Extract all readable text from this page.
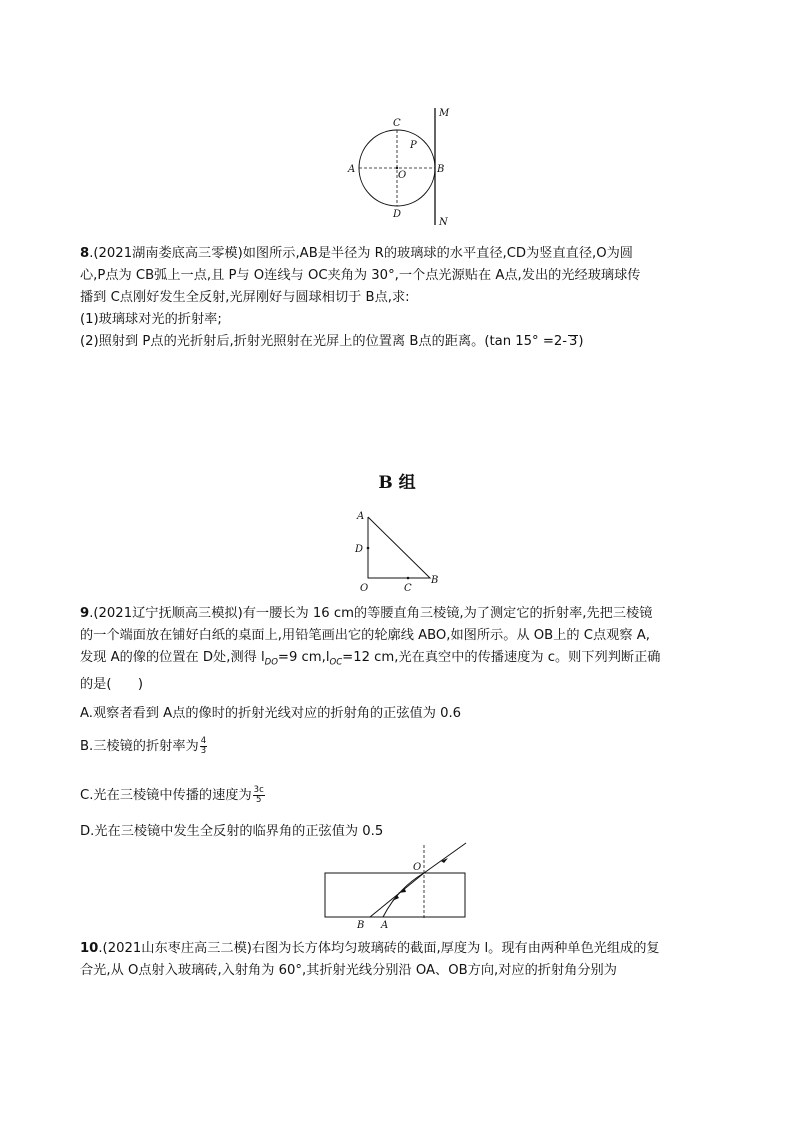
C
P
A
O
B
D
M
N

8.(2021湖南娄底高三零模)如图所示,AB是半径为 R的玻璃球的水平直径,CD为竖直直径,O为圆

心,P点为 CB弧上一点,且 P与 O连线与 OC夹角为 30°,一个点光源贴在 A点,发出的光经玻璃球传

播到 C点刚好发生全反射,光屏刚好与圆球相切于 B点,求:

(1)玻璃球对光的折射率;

(2)照射到 P点的光折射后,折射光照射在光屏上的位置离 B点的距离。(tan 15° =2- 3)

B 组
A
D
O	C
B

9.(2021辽宁抚顺高三模拟)有一腰长为 16 cm的等腰直角三棱镜,为了测定它的折射率,先把三棱镜

的一个端面放在铺好白纸的桌面上,用铅笔画出它的轮廓线 ABO,如图所示。从 OB上的 C点观察 A,

发现 A的像的位置在 D处,测得 $l_{DO}=9$ $cm,l_{OC}=12$ cm,光在真空中的传播速度为 c。则下列判断正确

的是(　　)

A.观察者看到 A点的像时的折射光线对应的折射角的正弦值为 0.6
B.三棱镜的折射率为 $\frac{4}{3}$
C.光在三棱镜中传播的速度为 $\frac{3c}{5}$
D.光在三棱镜中发生全反射的临界角的正弦值为 0.5
O
B A

10.(2021山东枣庄高三二模)右图为长方体均匀玻璃砖的截面,厚度为 l。现有由两种单色光组成的复

合光,从 O点射入玻璃砖,入射角为 60°,其折射光线分别沿 OA、OB方向,对应的折射角分别为
